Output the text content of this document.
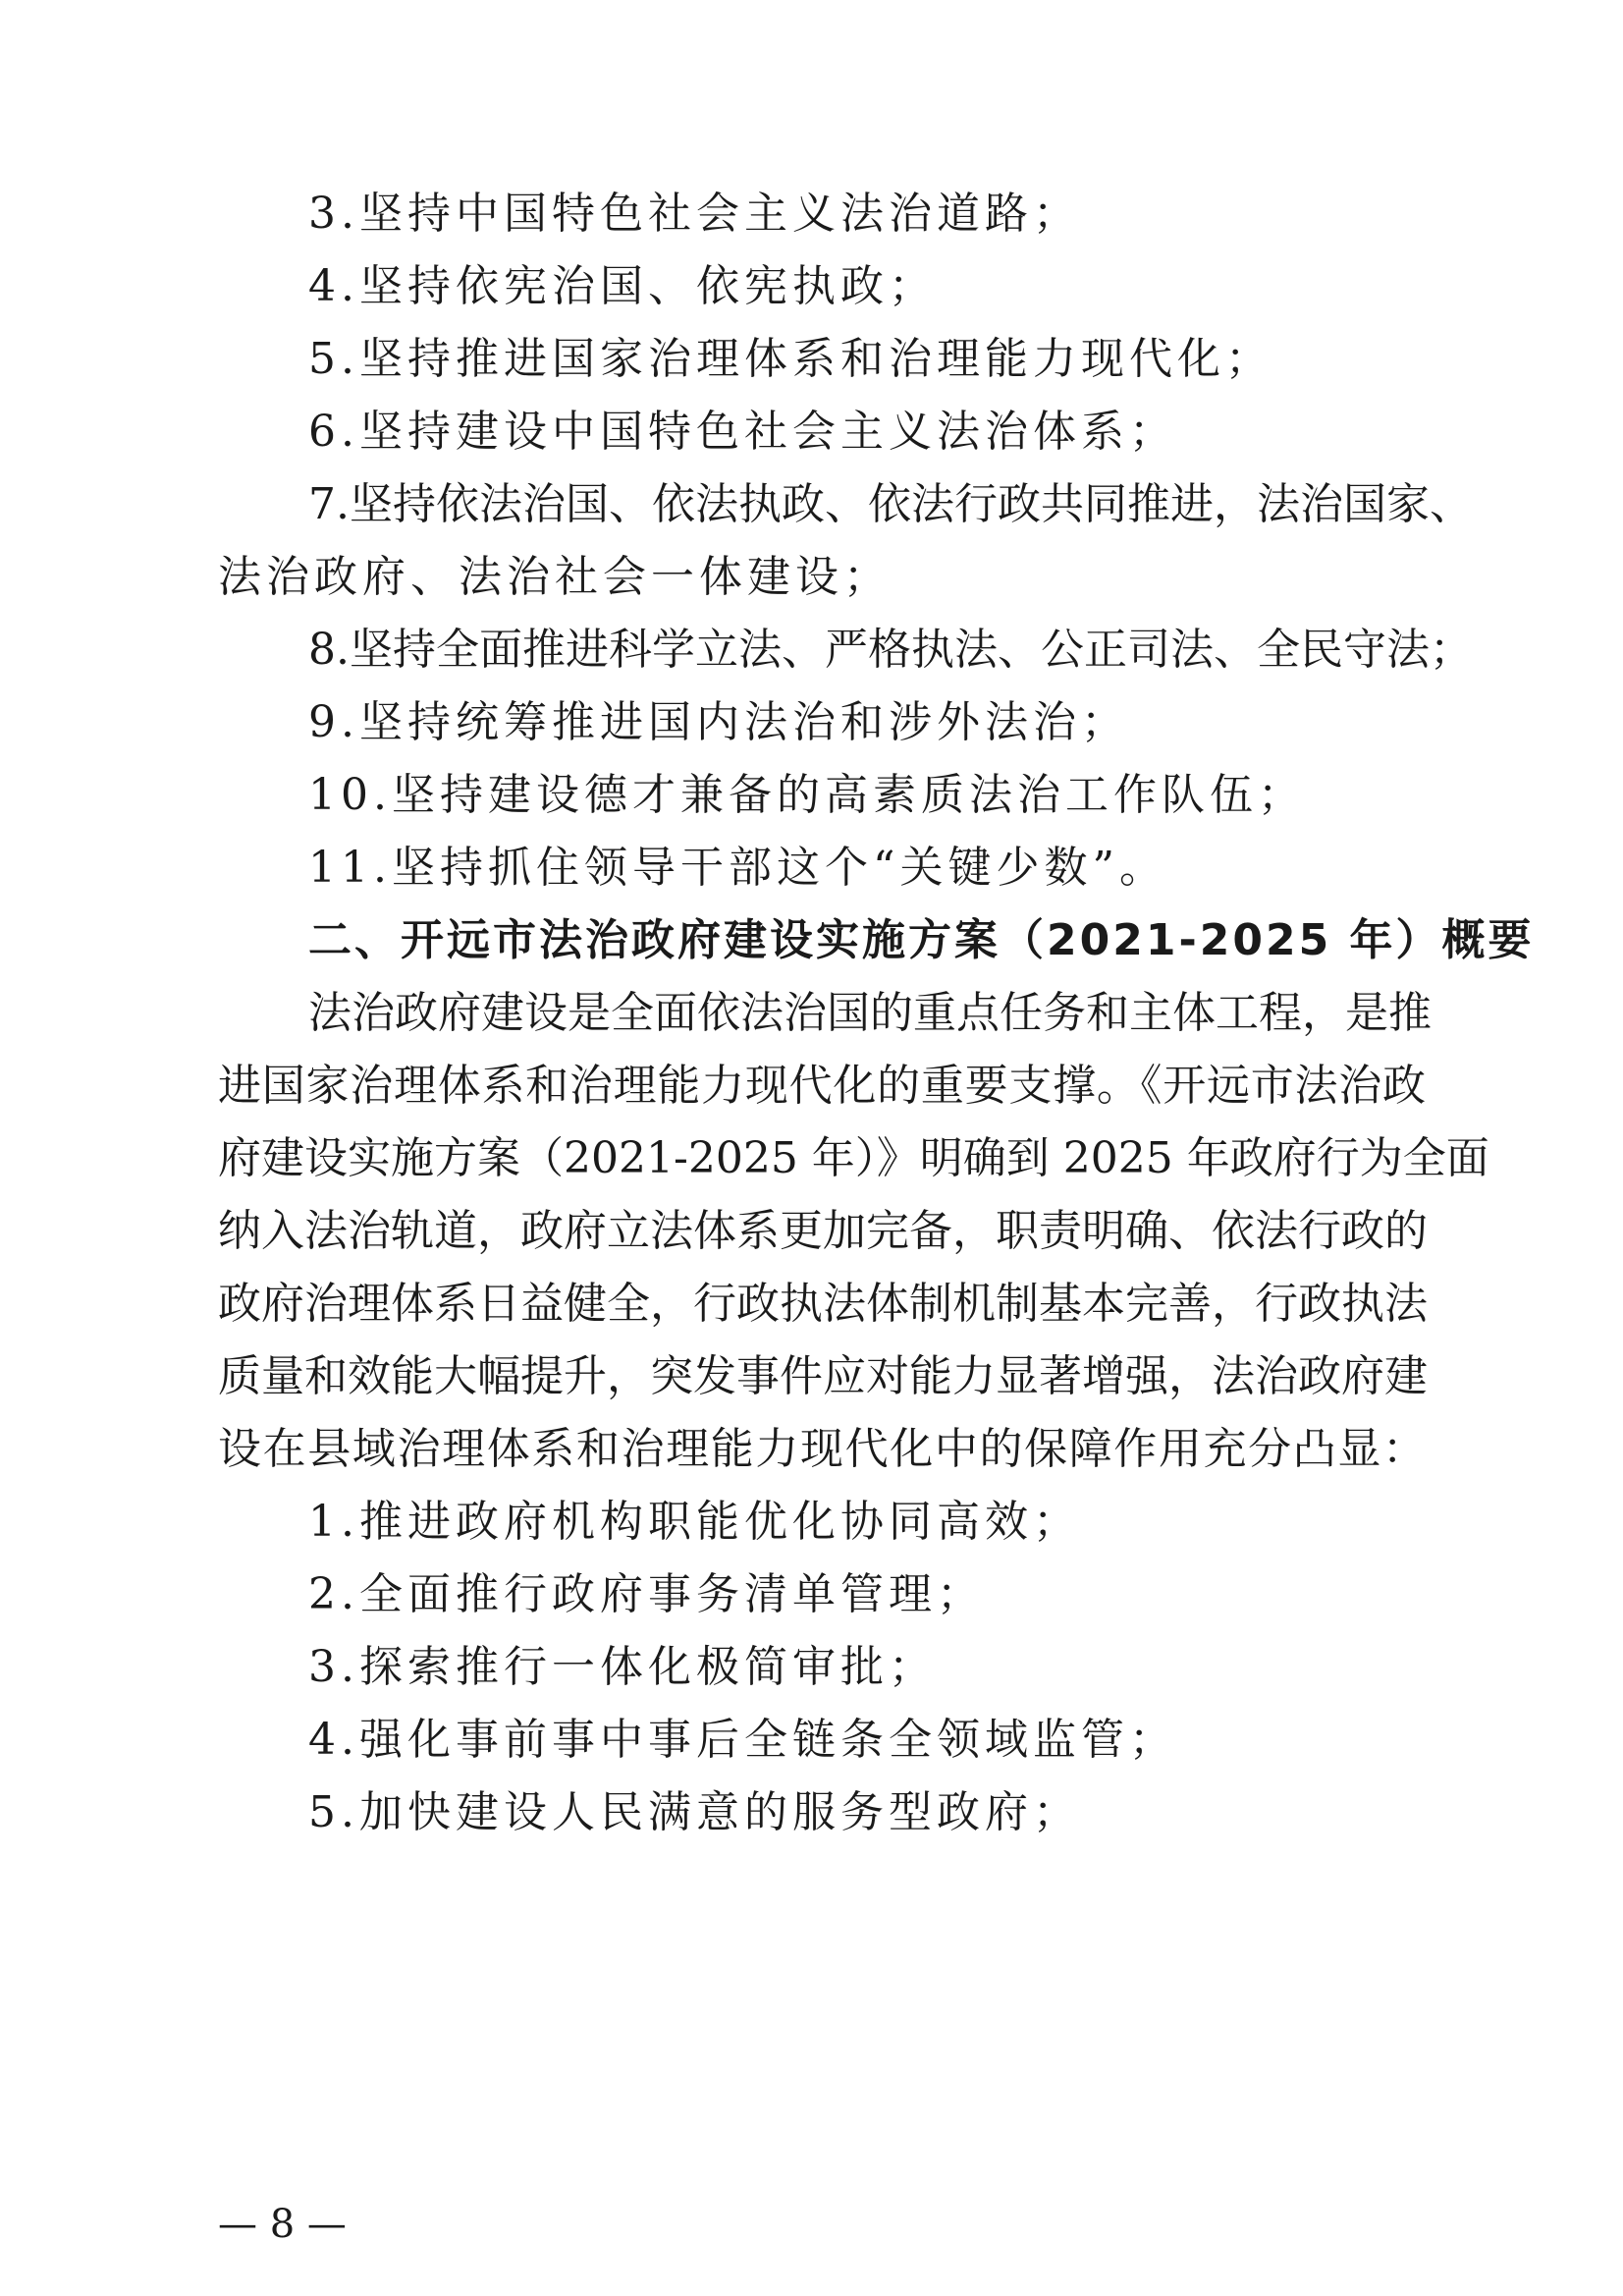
3.坚持中国特色社会主义法治道路；
4.坚持依宪治国、依宪执政；
5.坚持推进国家治理体系和治理能力现代化；
6.坚持建设中国特色社会主义法治体系；
7.坚持依法治国、依法执政、依法行政共同推进，法治国家、
法治政府、法治社会一体建设；
8.坚持全面推进科学立法、严格执法、公正司法、全民守法；
9.坚持统筹推进国内法治和涉外法治；
10.坚持建设德才兼备的高素质法治工作队伍；
11.坚持抓住领导干部这个“关键少数”。
二、开远市法治政府建设实施方案（2021-2025 年）概要
法治政府建设是全面依法治国的重点任务和主体工程，是推
进国家治理体系和治理能力现代化的重要支撑。《开远市法治政
府建设实施方案（2021-2025 年）》明确到 2025 年政府行为全面
纳入法治轨道，政府立法体系更加完备，职责明确、依法行政的
政府治理体系日益健全，行政执法体制机制基本完善，行政执法
质量和效能大幅提升，突发事件应对能力显著增强，法治政府建
设在县域治理体系和治理能力现代化中的保障作用充分凸显：
1.推进政府机构职能优化协同高效；
2.全面推行政府事务清单管理；
3.探索推行一体化极简审批；
4.强化事前事中事后全链条全领域监管；
5.加快建设人民满意的服务型政府；
— 8 —
